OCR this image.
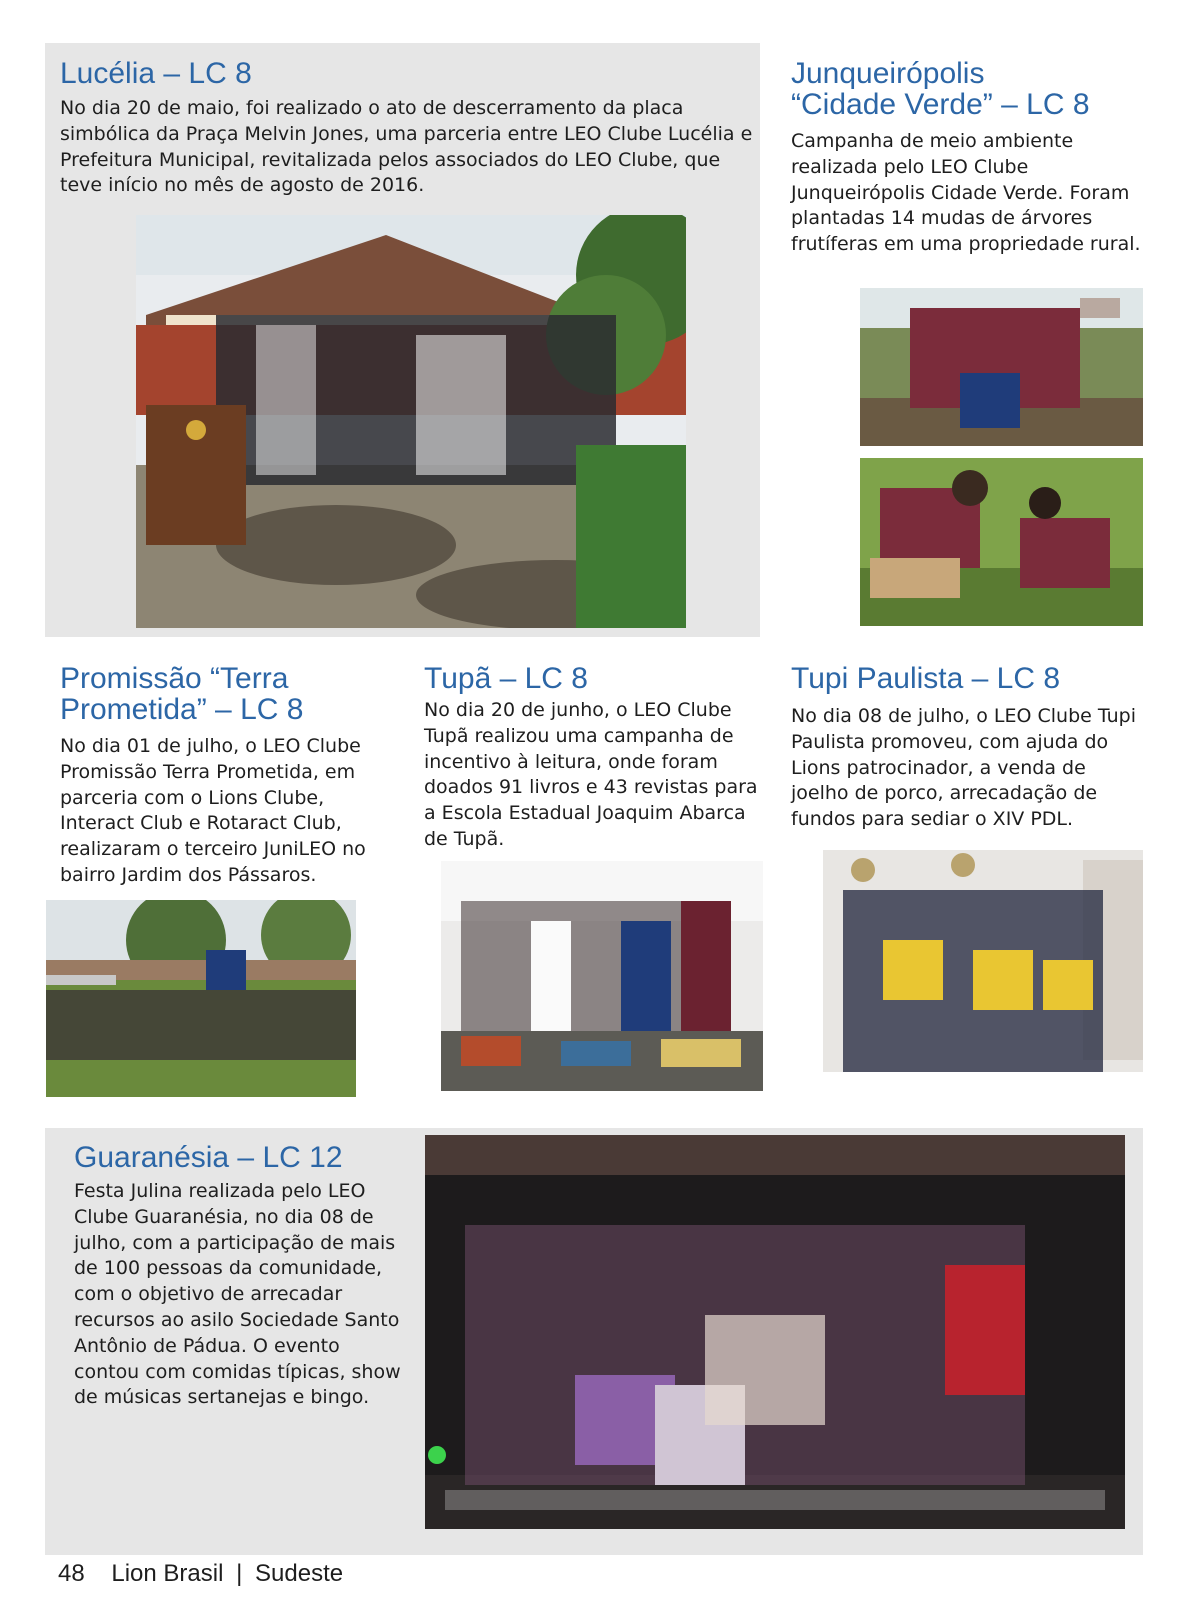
Lucélia – LC 8

No dia 20 de maio, foi realizado o ato de descerramento da placa simbólica da Praça Melvin Jones, uma parceria entre LEO Clube Lucélia e Prefeitura Municipal, revitalizada pelos associados do LEO Clube, que teve início no mês de agosto de 2016.

Junqueirópolis
“Cidade Verde” – LC 8

Campanha de meio ambiente realizada pelo LEO Clube Junqueirópolis Cidade Verde. Foram plantadas 14 mudas de árvores frutíferas em uma propriedade rural.

Promissão “Terra
Prometida” – LC 8

No dia 01 de julho, o LEO Clube Promissão Terra Prometida, em parceria com o Lions Clube, Interact Club e Rotaract Club, realizaram o terceiro JuniLEO no bairro Jardim dos Pássaros.

Tupã – LC 8

No dia 20 de junho, o LEO Clube Tupã realizou uma campanha de incentivo à leitura, onde foram doados 91 livros e 43 revistas para a Escola Estadual Joaquim Abarca de Tupã.

Tupi Paulista – LC 8

No dia 08 de julho, o LEO Clube Tupi Paulista promoveu, com ajuda do Lions patrocinador, a venda de joelho de porco, arrecadação de fundos para sediar o XIV PDL.

Guaranésia – LC 12

Festa Julina realizada pelo LEO Clube Guaranésia, no dia 08 de julho, com a participação de mais de 100 pessoas da comunidade, com o objetivo de arrecadar recursos ao asilo Sociedade Santo Antônio de Pádua. O evento contou com comidas típicas, show de músicas sertanejas e bingo.

48 Lion Brasil | Sudeste
